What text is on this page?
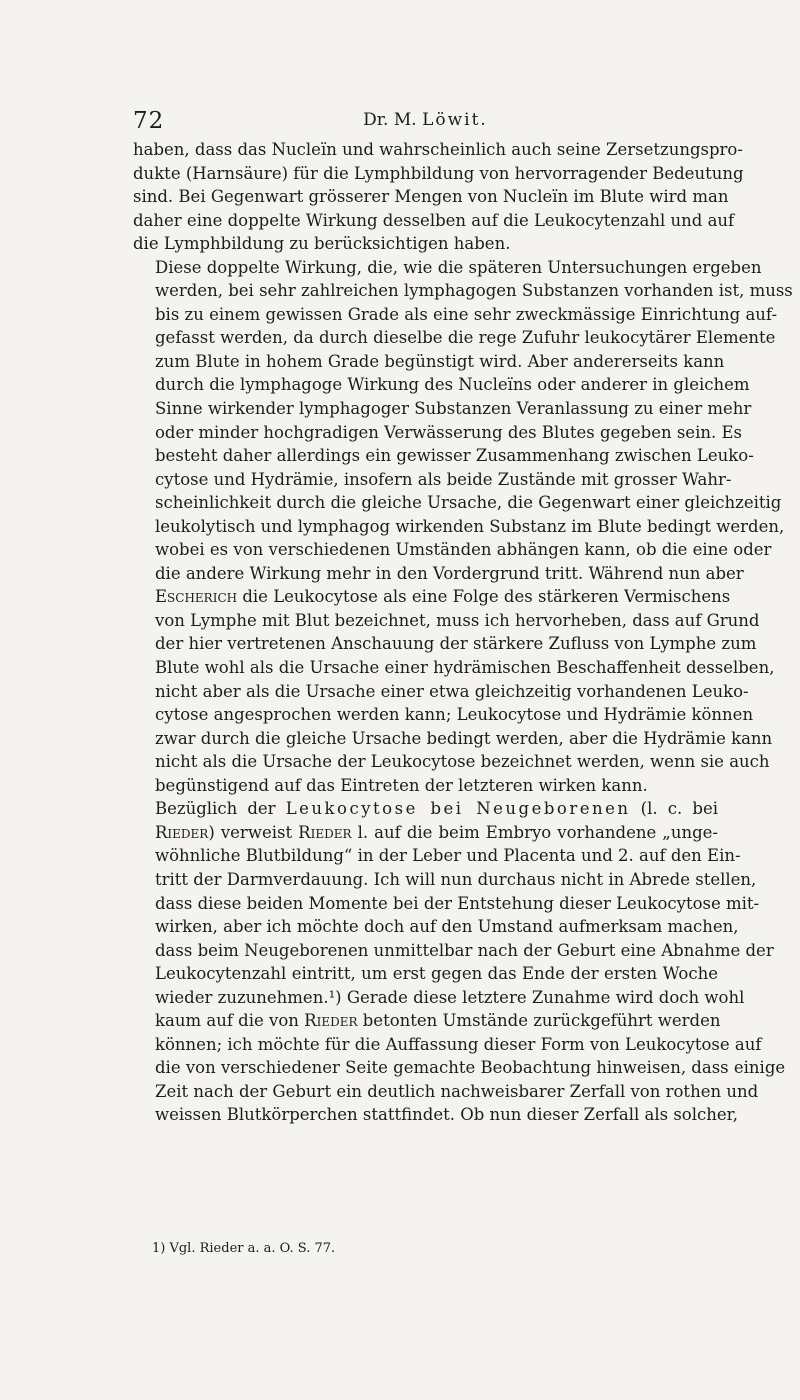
72	Dr. M. Löwit.

haben, dass das Nucleïn und wahrscheinlich auch seine Zersetzungspro-
dukte (Harnsäure) für die Lymphbildung von hervorragender Bedeutung
sind. Bei Gegenwart grösserer Mengen von Nucleïn im Blute wird man
daher eine doppelte Wirkung desselben auf die Leukocytenzahl und auf
die Lymphbildung zu berücksichtigen haben.

Diese doppelte Wirkung, die, wie die späteren Untersuchungen ergeben
werden, bei sehr zahlreichen lymphagogen Substanzen vorhanden ist, muss
bis zu einem gewissen Grade als eine sehr zweckmässige Einrichtung auf-
gefasst werden, da durch dieselbe die rege Zufuhr leukocytärer Elemente
zum Blute in hohem Grade begünstigt wird. Aber andererseits kann
durch die lymphagoge Wirkung des Nucleïns oder anderer in gleichem
Sinne wirkender lymphagoger Substanzen Veranlassung zu einer mehr
oder minder hochgradigen Verwässerung des Blutes gegeben sein. Es
besteht daher allerdings ein gewisser Zusammenhang zwischen Leuko-
cytose und Hydrämie, insofern als beide Zustände mit grosser Wahr-
scheinlichkeit durch die gleiche Ursache, die Gegenwart einer gleichzeitig
leukolytisch und lymphagog wirkenden Substanz im Blute bedingt werden,
wobei es von verschiedenen Umständen abhängen kann, ob die eine oder
die andere Wirkung mehr in den Vordergrund tritt. Während nun aber
Escherich die Leukocytose als eine Folge des stärkeren Vermischens
von Lymphe mit Blut bezeichnet, muss ich hervorheben, dass auf Grund
der hier vertretenen Anschauung der stärkere Zufluss von Lymphe zum
Blute wohl als die Ursache einer hydrämischen Beschaffenheit desselben,
nicht aber als die Ursache einer etwa gleichzeitig vorhandenen Leuko-
cytose angesprochen werden kann; Leukocytose und Hydrämie können
zwar durch die gleiche Ursache bedingt werden, aber die Hydrämie kann
nicht als die Ursache der Leukocytose bezeichnet werden, wenn sie auch
begünstigend auf das Eintreten der letzteren wirken kann.

Bezüglich der Leukocytose bei Neugeborenen (l. c. bei
Rieder) verweist Rieder l. auf die beim Embryo vorhandene „unge-
wöhnliche Blutbildung“ in der Leber und Placenta und 2. auf den Ein-
tritt der Darmverdauung. Ich will nun durchaus nicht in Abrede stellen,
dass diese beiden Momente bei der Entstehung dieser Leukocytose mit-
wirken, aber ich möchte doch auf den Umstand aufmerksam machen,
dass beim Neugeborenen unmittelbar nach der Geburt eine Abnahme der
Leukocytenzahl eintritt, um erst gegen das Ende der ersten Woche
wieder zuzunehmen.¹) Gerade diese letztere Zunahme wird doch wohl
kaum auf die von Rieder betonten Umstände zurückgeführt werden
können; ich möchte für die Auffassung dieser Form von Leukocytose auf
die von verschiedener Seite gemachte Beobachtung hinweisen, dass einige
Zeit nach der Geburt ein deutlich nachweisbarer Zerfall von rothen und
weissen Blutkörperchen stattfindet. Ob nun dieser Zerfall als solcher,

1) Vgl. Rieder a. a. O. S. 77.
